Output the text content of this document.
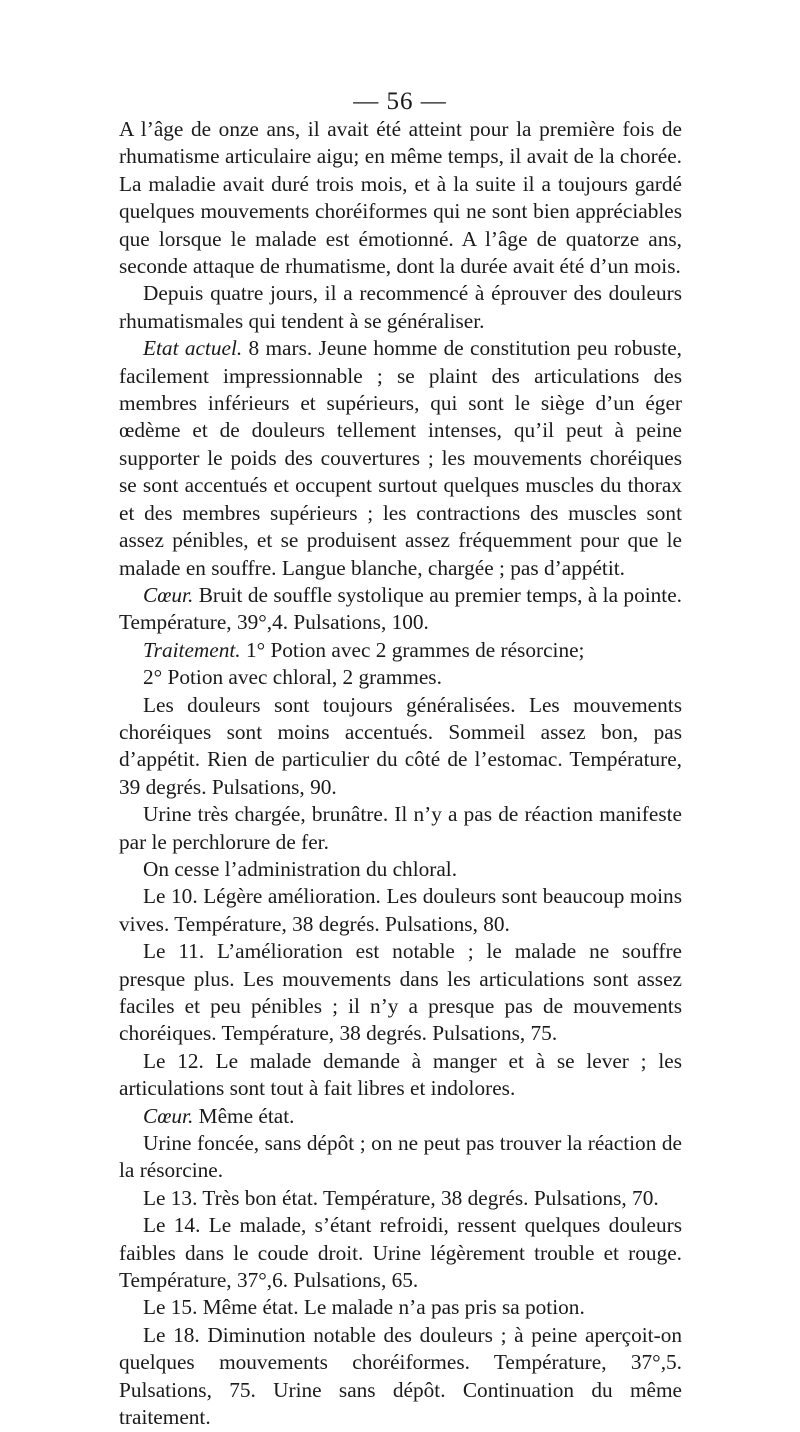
— 56 —

A l’âge de onze ans, il avait été atteint pour la première fois de rhumatisme articulaire aigu; en même temps, il avait de la chorée. La maladie avait duré trois mois, et à la suite il a toujours gardé quelques mouvements choréiformes qui ne sont bien appréciables que lorsque le malade est émotionné. A l’âge de quatorze ans, seconde attaque de rhumatisme, dont la durée avait été d’un mois.

Depuis quatre jours, il a recommencé à éprouver des douleurs rhumatismales qui tendent à se généraliser.

Etat actuel. 8 mars. Jeune homme de constitution peu robuste, facilement impressionnable ; se plaint des articulations des membres inférieurs et supérieurs, qui sont le siège d’un éger œdème et de douleurs tellement intenses, qu’il peut à peine supporter le poids des couvertures ; les mouvements choréiques se sont accentués et occupent surtout quelques muscles du thorax et des membres supérieurs ; les contractions des muscles sont assez pénibles, et se produisent assez fréquemment pour que le malade en souffre. Langue blanche, chargée ; pas d’appétit.

Cœur. Bruit de souffle systolique au premier temps, à la pointe. Température, 39°,4. Pulsations, 100.

Traitement. 1° Potion avec 2 grammes de résorcine;

2° Potion avec chloral, 2 grammes.

Les douleurs sont toujours généralisées. Les mouvements choréiques sont moins accentués. Sommeil assez bon, pas d’appétit. Rien de particulier du côté de l’estomac. Température, 39 degrés. Pulsations, 90.

Urine très chargée, brunâtre. Il n’y a pas de réaction manifeste par le perchlorure de fer.

On cesse l’administration du chloral.

Le 10. Légère amélioration. Les douleurs sont beaucoup moins vives. Température, 38 degrés. Pulsations, 80.

Le 11. L’amélioration est notable ; le malade ne souffre presque plus. Les mouvements dans les articulations sont assez faciles et peu pénibles ; il n’y a presque pas de mouvements choréiques. Température, 38 degrés. Pulsations, 75.

Le 12. Le malade demande à manger et à se lever ; les articulations sont tout à fait libres et indolores.

Cœur. Même état.

Urine foncée, sans dépôt ; on ne peut pas trouver la réaction de la résorcine.

Le 13. Très bon état. Température, 38 degrés. Pulsations, 70.

Le 14. Le malade, s’étant refroidi, ressent quelques douleurs faibles dans le coude droit. Urine légèrement trouble et rouge. Température, 37°,6. Pulsations, 65.

Le 15. Même état. Le malade n’a pas pris sa potion.

Le 18. Diminution notable des douleurs ; à peine aperçoit-on quelques mouvements choréiformes. Température, 37°,5. Pulsations, 75. Urine sans dépôt. Continuation du même traitement.
